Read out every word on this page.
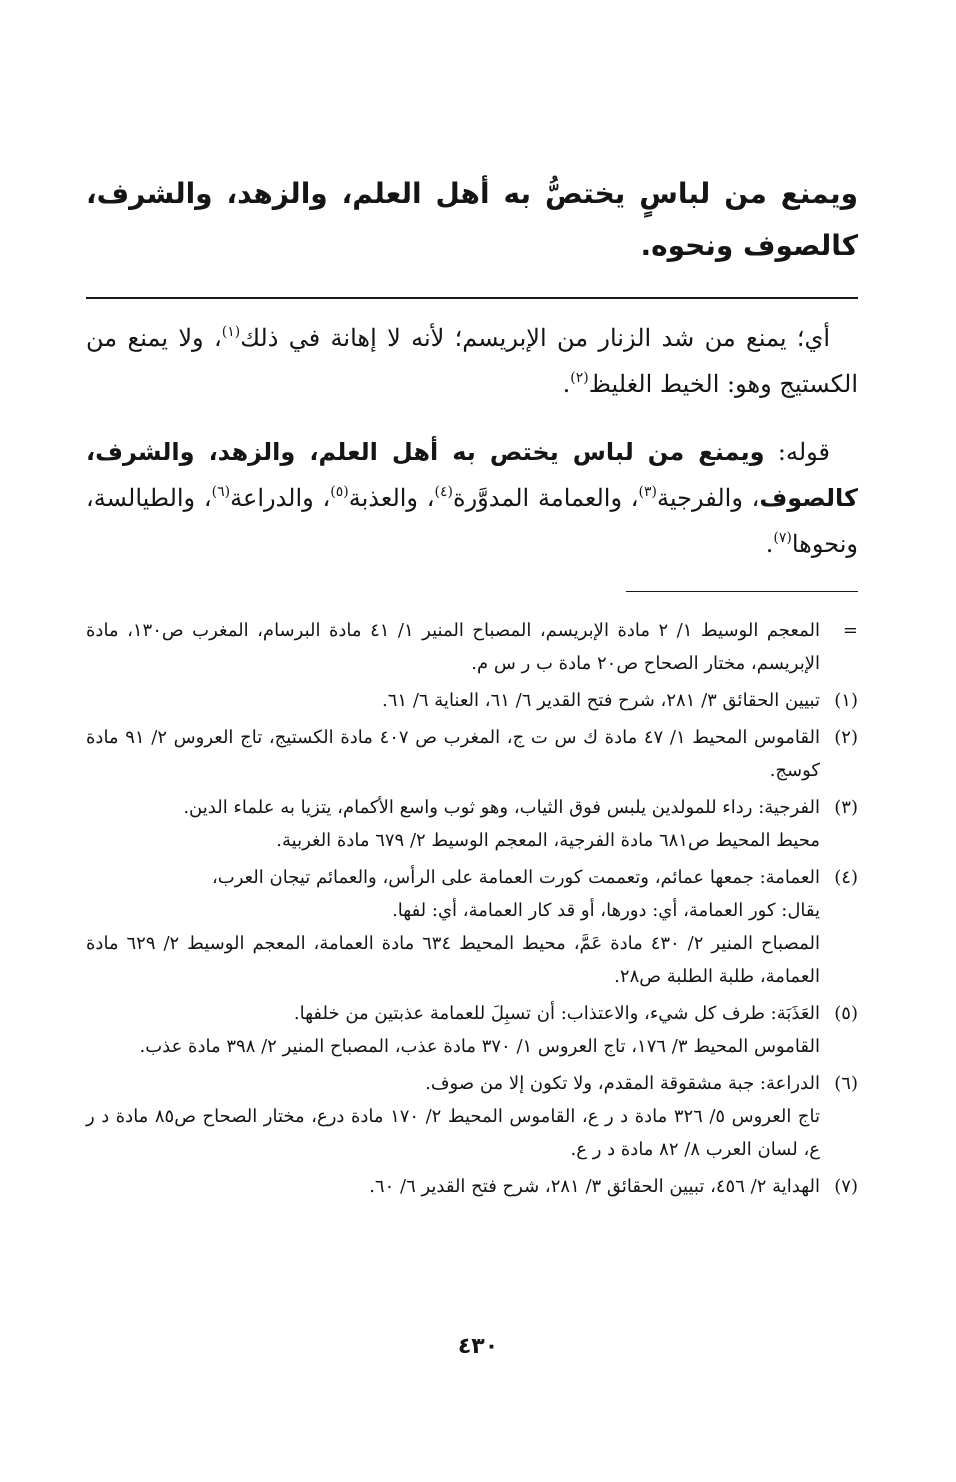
ويمنع من لباسٍ يختصُّ به أهل العلم، والزهد، والشرف، كالصوف ونحوه.

أي؛ يمنع من شد الزنار من الإبريسم؛ لأنه لا إهانة في ذلك$^{(١)}$، ولا يمنع من الكستيج وهو: الخيط الغليظ$^{(٢)}$.

قوله: ويمنع من لباس يختص به أهل العلم، والزهد، والشرف، كالصوف، والفرجية$^{(٣)}$، والعمامة المدوَّرة$^{(٤)}$، والعذبة$^{(٥)}$، والدراعة$^{(٦)}$، والطيالسة، ونحوها$^{(٧)}$.

=
المعجم الوسيط ١/ ٢ مادة الإبريسم، المصباح المنير ١/ ٤١ مادة البرسام، المغرب ص١٣٠، مادة الإبريسم، مختار الصحاح ص٢٠ مادة ب ر س م.
(١)
تبيين الحقائق ٣/ ٢٨١، شرح فتح القدير ٦/ ٦١، العناية ٦/ ٦١.
(٢)
القاموس المحيط ١/ ٤٧ مادة ك س ت ج، المغرب ص ٤٠٧ مادة الكستيج، تاج العروس ٢/ ٩١ مادة كوسج.
(٣)
الفرجية: رداء للمولدين يلبس فوق الثياب، وهو ثوب واسع الأكمام، يتزيا به علماء الدين.
محيط المحيط ص٦٨١ مادة الفرجية، المعجم الوسيط ٢/ ٦٧٩ مادة الغربية.
(٤)
العمامة: جمعها عمائم، وتعممت كورت العمامة على الرأس، والعمائم تيجان العرب،
يقال: كور العمامة، أي: دورها، أو قد كار العمامة، أي: لفها.
المصباح المنير ٢/ ٤٣٠ مادة عَمَّ، محيط المحيط ٦٣٤ مادة العمامة، المعجم الوسيط ٢/ ٦٢٩ مادة العمامة، طلبة الطلبة ص٢٨.
(٥)
العَذَبَة: طرف كل شيء، والاعتذاب: أن تسبِلَ للعمامة عذبتين من خلفها.
القاموس المحيط ٣/ ١٧٦، تاج العروس ١/ ٣٧٠ مادة عذب، المصباح المنير ٢/ ٣٩٨ مادة عذب.
(٦)
الدراعة: جبة مشقوقة المقدم، ولا تكون إلا من صوف.
تاج العروس ٥/ ٣٢٦ مادة د ر ع، القاموس المحيط ٢/ ١٧٠ مادة درع، مختار الصحاح ص٨٥ مادة د ر ع، لسان العرب ٨/ ٨٢ مادة د ر ع.
(٧)
الهداية ٢/ ٤٥٦، تبيين الحقائق ٣/ ٢٨١، شرح فتح القدير ٦/ ٦٠.
٤٣٠
